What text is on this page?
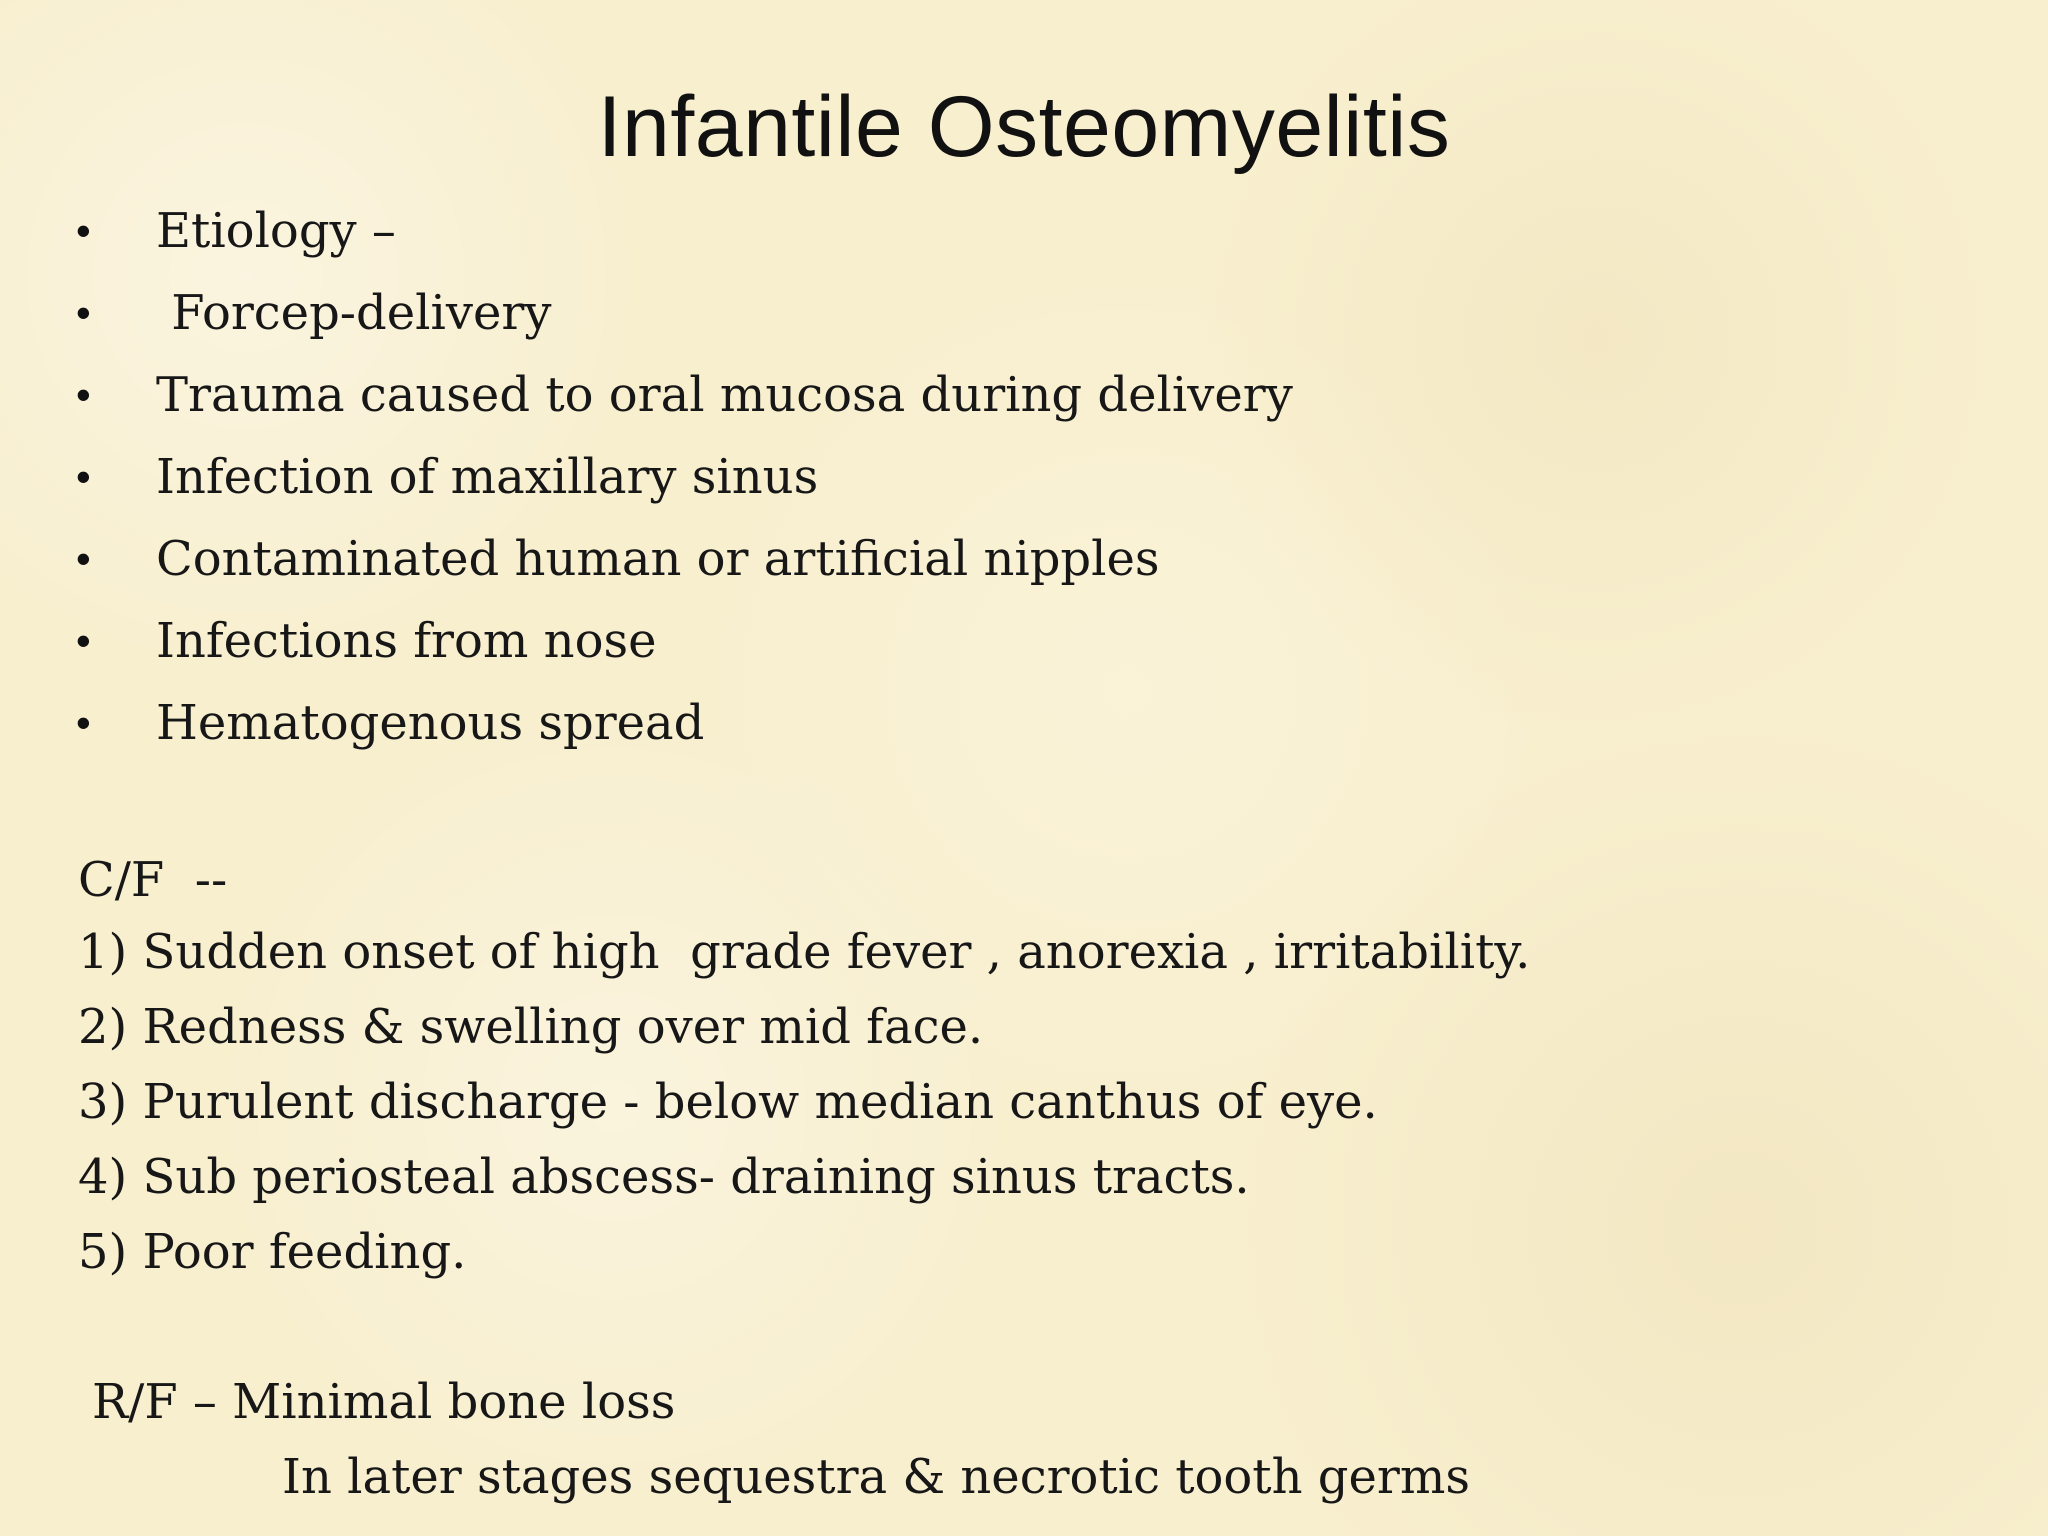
Infantile Osteomyelitis
•	Etiology –
•	Forcep-delivery
•	Trauma caused to oral mucosa during delivery
•	Infection of maxillary sinus
•	Contaminated human or artificial nipples
•	Infections from nose
•	Hematogenous spread
C/F  --
1) Sudden onset of high  grade fever , anorexia , irritability.
2) Redness & swelling over mid face.
3) Purulent discharge - below median canthus of eye.
4) Sub periosteal abscess- draining sinus tracts.
5) Poor feeding.
R/F – Minimal bone loss
In later stages sequestra & necrotic tooth germs
